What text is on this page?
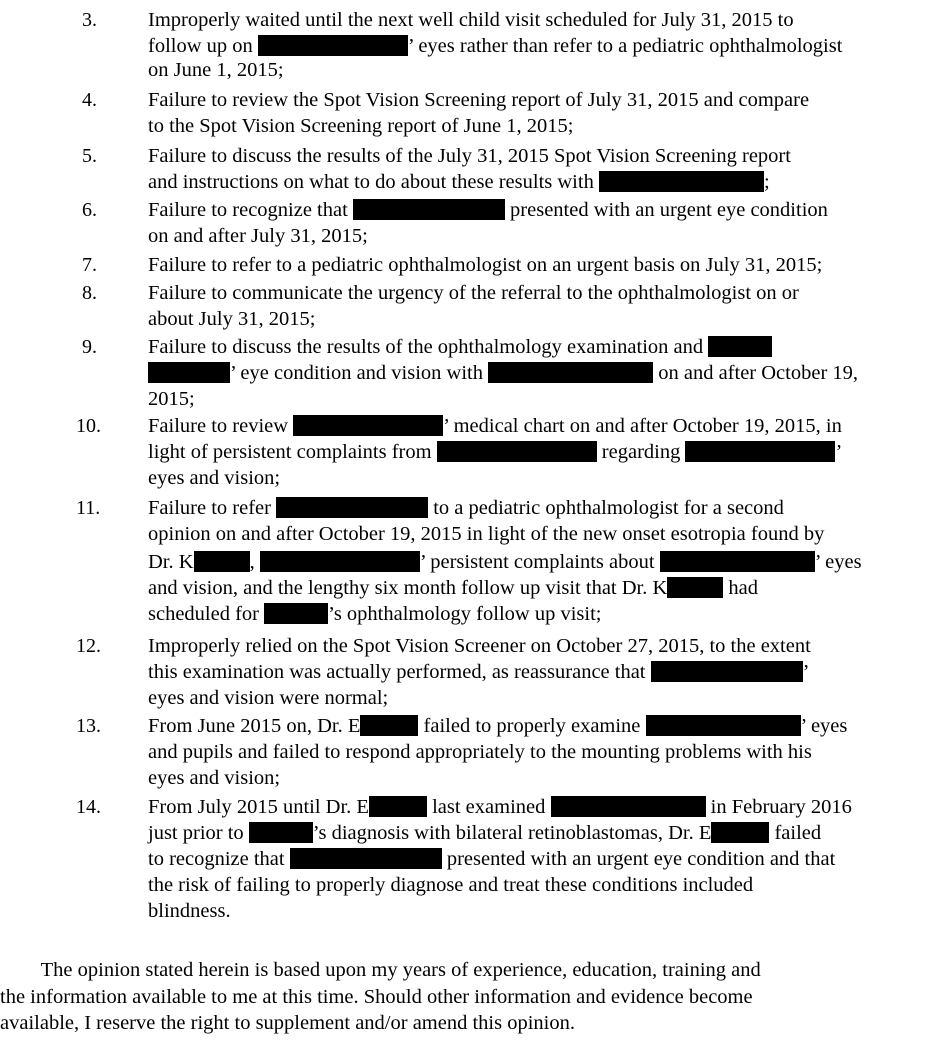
3. Improperly waited until the next well child visit scheduled for July 31, 2015 to
follow up on	’ eyes rather than refer to a pediatric ophthalmologist
on June 1, 2015;
4. Failure to review the Spot Vision Screening report of July 31, 2015 and compare
to the Spot Vision Screening report of June 1, 2015;
5. Failure to discuss the results of the July 31, 2015 Spot Vision Screening report
and instructions on what to do about these results with	;
6. Failure to recognize that	presented with an urgent eye condition
on and after July 31, 2015;
7. Failure to refer to a pediatric ophthalmologist on an urgent basis on July 31, 2015;
8. Failure to communicate the urgency of the referral to the ophthalmologist on or
about July 31, 2015;
9. Failure to discuss the results of the ophthalmology examination and
’ eye condition and vision with	on and after October 19,
2015;
10. Failure to review	’ medical chart on and after October 19, 2015, in
light of persistent complaints from	regarding	’
eyes and vision;
11. Failure to refer	to a pediatric ophthalmologist for a second
opinion on and after October 19, 2015 in light of the new onset esotropia found by
Dr. K	,	’ persistent complaints about	’ eyes
and vision, and the lengthy six month follow up visit that Dr. K	had
scheduled for	’s ophthalmology follow up visit;
12. Improperly relied on the Spot Vision Screener on October 27, 2015, to the extent
this examination was actually performed, as reassurance that	’
eyes and vision were normal;
13. From June 2015 on, Dr. E	failed to properly examine	’ eyes
and pupils and failed to respond appropriately to the mounting problems with his
eyes and vision;
14. From July 2015 until Dr. E	last examined	in February 2016
just prior to	’s diagnosis with bilateral retinoblastomas, Dr. E	failed
to recognize that	presented with an urgent eye condition and that
the risk of failing to properly diagnose and treat these conditions included
blindness.
The opinion stated herein is based upon my years of experience, education, training and
the information available to me at this time. Should other information and evidence become
available, I reserve the right to supplement and/or amend this opinion.
